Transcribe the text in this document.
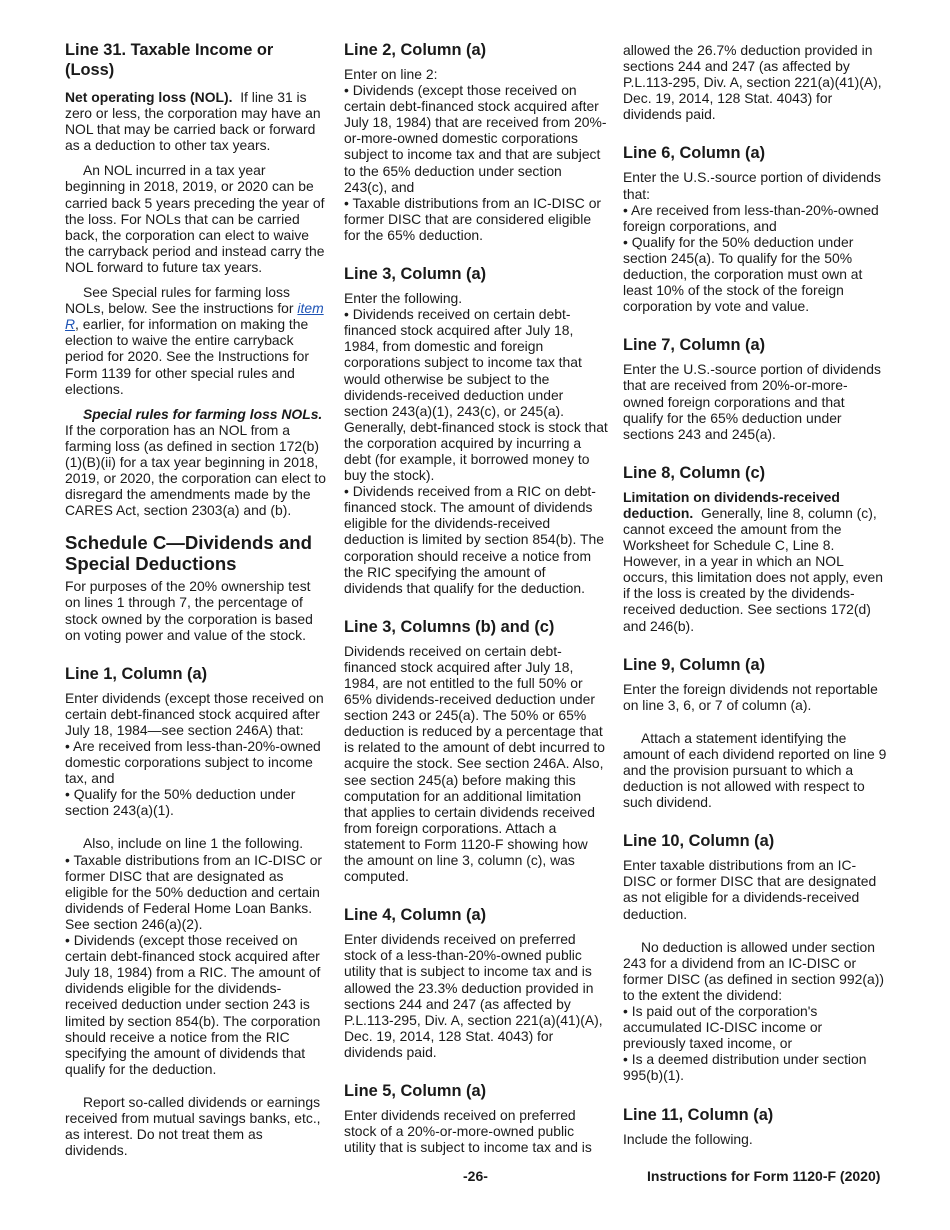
Line 31. Taxable Income or (Loss)

Net operating loss (NOL). If line 31 is zero or less, the corporation may have an NOL that may be carried back or forward as a deduction to other tax years.

An NOL incurred in a tax year beginning in 2018, 2019, or 2020 can be carried back 5 years preceding the year of the loss. For NOLs that can be carried back, the corporation can elect to waive the carryback period and instead carry the NOL forward to future tax years.

See Special rules for farming loss NOLs, below. See the instructions for item R, earlier, for information on making the election to waive the entire carryback period for 2020. See the Instructions for Form 1139 for other special rules and elections.

Special rules for farming loss NOLs. If the corporation has an NOL from a farming loss (as defined in section 172(b)(1)(B)(ii) for a tax year beginning in 2018, 2019, or 2020, the corporation can elect to disregard the amendments made by the CARES Act, section 2303(a) and (b).

Schedule C—Dividends and Special Deductions

For purposes of the 20% ownership test on lines 1 through 7, the percentage of stock owned by the corporation is based on voting power and value of the stock.

Line 1, Column (a)

Enter dividends (except those received on certain debt-financed stock acquired after July 18, 1984—see section 246A) that:

• Are received from less-than-20%-owned domestic corporations subject to income tax, and

• Qualify for the 50% deduction under section 243(a)(1).

Also, include on line 1 the following.

• Taxable distributions from an IC-DISC or former DISC that are designated as eligible for the 50% deduction and certain dividends of Federal Home Loan Banks. See section 246(a)(2).

• Dividends (except those received on certain debt-financed stock acquired after July 18, 1984) from a RIC. The amount of dividends eligible for the dividends-received deduction under section 243 is limited by section 854(b). The corporation should receive a notice from the RIC specifying the amount of dividends that qualify for the deduction.

Report so-called dividends or earnings received from mutual savings banks, etc., as interest. Do not treat them as dividends.

Line 2, Column (a)

Enter on line 2:

• Dividends (except those received on certain debt-financed stock acquired after July 18, 1984) that are received from 20%-or-more-owned domestic corporations subject to income tax and that are subject to the 65% deduction under section 243(c), and

• Taxable distributions from an IC-DISC or former DISC that are considered eligible for the 65% deduction.

Line 3, Column (a)

Enter the following.

• Dividends received on certain debt-financed stock acquired after July 18, 1984, from domestic and foreign corporations subject to income tax that would otherwise be subject to the dividends-received deduction under section 243(a)(1), 243(c), or 245(a). Generally, debt-financed stock is stock that the corporation acquired by incurring a debt (for example, it borrowed money to buy the stock).

• Dividends received from a RIC on debt-financed stock. The amount of dividends eligible for the dividends-received deduction is limited by section 854(b). The corporation should receive a notice from the RIC specifying the amount of dividends that qualify for the deduction.

Line 3, Columns (b) and (c)

Dividends received on certain debt-financed stock acquired after July 18, 1984, are not entitled to the full 50% or 65% dividends-received deduction under section 243 or 245(a). The 50% or 65% deduction is reduced by a percentage that is related to the amount of debt incurred to acquire the stock. See section 246A. Also, see section 245(a) before making this computation for an additional limitation that applies to certain dividends received from foreign corporations. Attach a statement to Form 1120-F showing how the amount on line 3, column (c), was computed.

Line 4, Column (a)

Enter dividends received on preferred stock of a less-than-20%-owned public utility that is subject to income tax and is allowed the 23.3% deduction provided in sections 244 and 247 (as affected by P.L.113-295, Div. A, section 221(a)(41)(A), Dec. 19, 2014, 128 Stat. 4043) for dividends paid.

Line 5, Column (a)

Enter dividends received on preferred stock of a 20%-or-more-owned public utility that is subject to income tax and is

allowed the 26.7% deduction provided in sections 244 and 247 (as affected by P.L.113-295, Div. A, section 221(a)(41)(A), Dec. 19, 2014, 128 Stat. 4043) for dividends paid.

Line 6, Column (a)

Enter the U.S.-source portion of dividends that:

• Are received from less-than-20%-owned foreign corporations, and

• Qualify for the 50% deduction under section 245(a). To qualify for the 50% deduction, the corporation must own at least 10% of the stock of the foreign corporation by vote and value.

Line 7, Column (a)

Enter the U.S.-source portion of dividends that are received from 20%-or-more-owned foreign corporations and that qualify for the 65% deduction under sections 243 and 245(a).

Line 8, Column (c)

Limitation on dividends-received deduction. Generally, line 8, column (c), cannot exceed the amount from the Worksheet for Schedule C, Line 8. However, in a year in which an NOL occurs, this limitation does not apply, even if the loss is created by the dividends-received deduction. See sections 172(d) and 246(b).

Line 9, Column (a)

Enter the foreign dividends not reportable on line 3, 6, or 7 of column (a).

Attach a statement identifying the amount of each dividend reported on line 9 and the provision pursuant to which a deduction is not allowed with respect to such dividend.

Line 10, Column (a)

Enter taxable distributions from an IC-DISC or former DISC that are designated as not eligible for a dividends-received deduction.

No deduction is allowed under section 243 for a dividend from an IC-DISC or former DISC (as defined in section 992(a)) to the extent the dividend:

• Is paid out of the corporation's accumulated IC-DISC income or previously taxed income, or

• Is a deemed distribution under section 995(b)(1).

Line 11, Column (a)

Include the following.

-26-	Instructions for Form 1120-F (2020)
